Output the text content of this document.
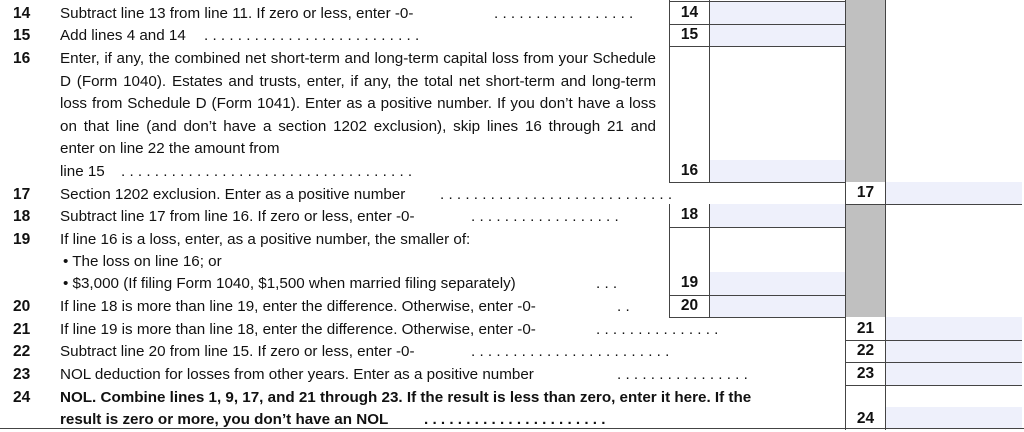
14
15
16
17
18
19
20
21
22
23
24
14 Subtract line 13 from line 11. If zero or less, enter -0-	. . . . . . . . . . . . . . . . .
15 Add lines 4 and 14 . . . . . . . . . . . . . . . . . . . . . . . . . .
16 Enter, if any, the combined net short-term and long-term capital loss from your Schedule D (Form 1040). Estates and trusts, enter, if any, the total net short-term and long-term loss from Schedule D (Form 1041). Enter as a positive number. If you don’t have a loss on that line (and don’t have a section 1202 exclusion), skip lines 16 through 21 and enter on line 22 the amount from
line 15 . . . . . . . . . . . . . . . . . . . . . . . . . . . . . . . . . . .
17 Section 1202 exclusion. Enter as a positive number . . . . . . . . . . . . . . . . . . . . . . . . . . . .
18 Subtract line 17 from line 16. If zero or less, enter -0-	. . . . . . . . . . . . . . . . . .
19 If line 16 is a loss, enter, as a positive number, the smaller of:
• The loss on line 16; or
• $3,000 (If filing Form 1040, $1,500 when married filing separately)	. . .
20 If line 18 is more than line 19, enter the difference. Otherwise, enter -0-	. .
21 If line 19 is more than line 18, enter the difference. Otherwise, enter -0-	. . . . . . . . . . . . . . .
22 Subtract line 20 from line 15. If zero or less, enter -0-	. . . . . . . . . . . . . . . . . . . . . . . .
23 NOL deduction for losses from other years. Enter as a positive number	. . . . . . . . . . . . . . . .
24 NOL. Combine lines 1, 9, 17, and 21 through 23. If the result is less than zero, enter it here. If the
result is zero or more, you don’t have an NOL . . . . . . . . . . . . . . . . . . . . . .
